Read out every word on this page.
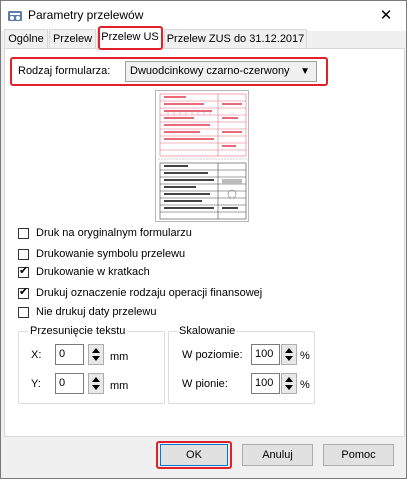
Parametry przelewów	✕
Ogólne Przelew Przelew US Przelew ZUS do 31.12.2017
Rodzaj formularza: Dwuodcinkowy czarno-czerwony ▼
Druk na oryginalnym formularzu
Drukowanie symbolu przelewu
✔ Drukowanie w kratkach
✔ Drukuj oznaczenie rodzaju operacji finansowej
Nie drukuj daty przelewu
Przesunięcie tekstu
X:	0	mm
Y:	0	mm
Skalowanie
W poziomie:	100	%
W pionie:	100	%
OK	Anuluj	Pomoc
